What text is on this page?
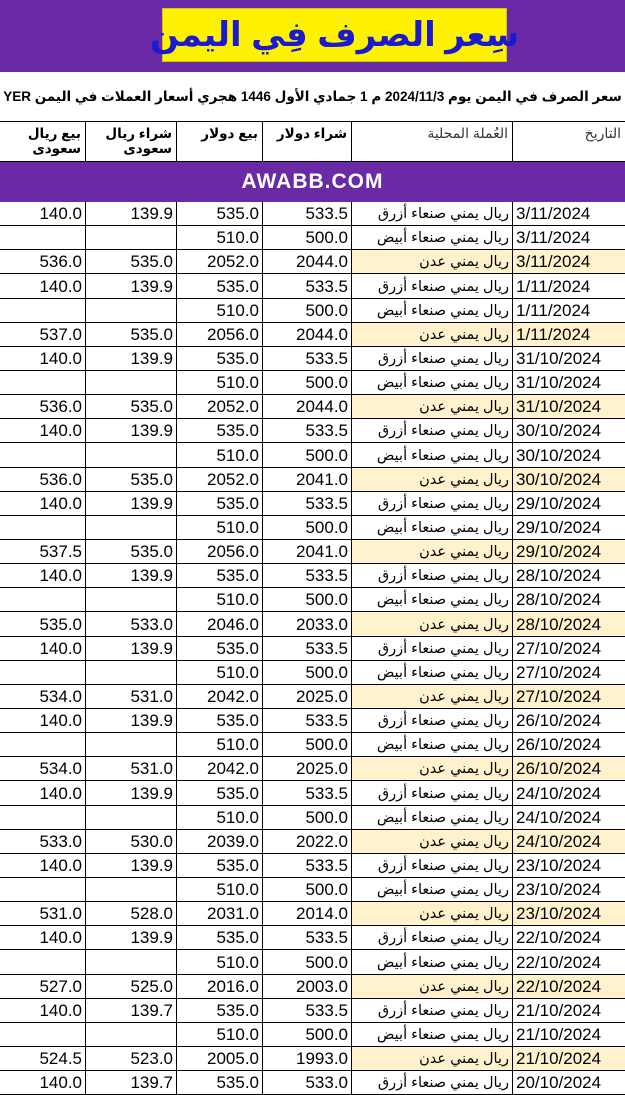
سِعر الصرف فِي اليمن
سعر الصرف في اليمن يوم 2024/11/3 م 1 جمادي الأول 1446 هجري أسعار العملات في اليمن YER
التاريخ
العُملة المحلية
شراء دولار
بيع دولار
شراء ريال سعودى
بيع ريال سعودى
AWABB.COM
3/11/2024
ريال يمني صنعاء أزرق
533.5
535.0
139.9
140.0
3/11/2024
ريال يمني صنعاء أبيض
500.0
510.0
3/11/2024
ريال يمني عدن
2044.0
2052.0
535.0
536.0
1/11/2024
ريال يمني صنعاء أزرق
533.5
535.0
139.9
140.0
1/11/2024
ريال يمني صنعاء أبيض
500.0
510.0
1/11/2024
ريال يمني عدن
2044.0
2056.0
535.0
537.0
31/10/2024
ريال يمني صنعاء أزرق
533.5
535.0
139.9
140.0
31/10/2024
ريال يمني صنعاء أبيض
500.0
510.0
31/10/2024
ريال يمني عدن
2044.0
2052.0
535.0
536.0
30/10/2024
ريال يمني صنعاء أزرق
533.5
535.0
139.9
140.0
30/10/2024
ريال يمني صنعاء أبيض
500.0
510.0
30/10/2024
ريال يمني عدن
2041.0
2052.0
535.0
536.0
29/10/2024
ريال يمني صنعاء أزرق
533.5
535.0
139.9
140.0
29/10/2024
ريال يمني صنعاء أبيض
500.0
510.0
29/10/2024
ريال يمني عدن
2041.0
2056.0
535.0
537.5
28/10/2024
ريال يمني صنعاء أزرق
533.5
535.0
139.9
140.0
28/10/2024
ريال يمني صنعاء أبيض
500.0
510.0
28/10/2024
ريال يمني عدن
2033.0
2046.0
533.0
535.0
27/10/2024
ريال يمني صنعاء أزرق
533.5
535.0
139.9
140.0
27/10/2024
ريال يمني صنعاء أبيض
500.0
510.0
27/10/2024
ريال يمني عدن
2025.0
2042.0
531.0
534.0
26/10/2024
ريال يمني صنعاء أزرق
533.5
535.0
139.9
140.0
26/10/2024
ريال يمني صنعاء أبيض
500.0
510.0
26/10/2024
ريال يمني عدن
2025.0
2042.0
531.0
534.0
24/10/2024
ريال يمني صنعاء أزرق
533.5
535.0
139.9
140.0
24/10/2024
ريال يمني صنعاء أبيض
500.0
510.0
24/10/2024
ريال يمني عدن
2022.0
2039.0
530.0
533.0
23/10/2024
ريال يمني صنعاء أزرق
533.5
535.0
139.9
140.0
23/10/2024
ريال يمني صنعاء أبيض
500.0
510.0
23/10/2024
ريال يمني عدن
2014.0
2031.0
528.0
531.0
22/10/2024
ريال يمني صنعاء أزرق
533.5
535.0
139.9
140.0
22/10/2024
ريال يمني صنعاء أبيض
500.0
510.0
22/10/2024
ريال يمني عدن
2003.0
2016.0
525.0
527.0
21/10/2024
ريال يمني صنعاء أزرق
533.5
535.0
139.7
140.0
21/10/2024
ريال يمني صنعاء أبيض
500.0
510.0
21/10/2024
ريال يمني عدن
1993.0
2005.0
523.0
524.5
20/10/2024
ريال يمني صنعاء أزرق
533.0
535.0
139.7
140.0
